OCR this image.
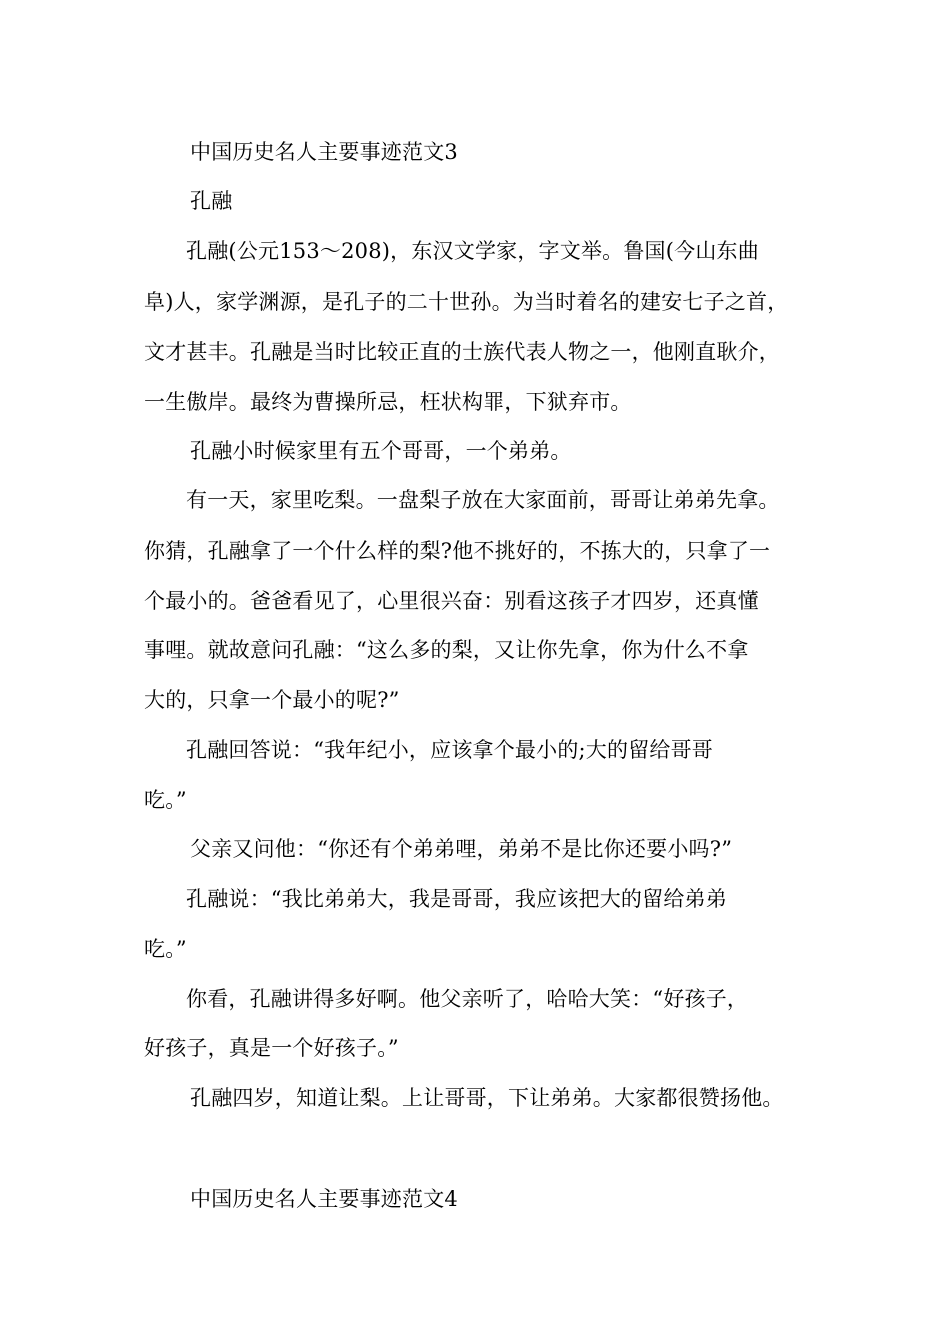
中国历史名人主要事迹范文3
孔融
孔融(公元153～208)，东汉文学家，字文举。鲁国(今山东曲
阜)人，家学渊源，是孔子的二十世孙。为当时着名的建安七子之首，
文才甚丰。孔融是当时比较正直的士族代表人物之一，他刚直耿介，
一生傲岸。最终为曹操所忌，枉状构罪，下狱弃市。
孔融小时候家里有五个哥哥，一个弟弟。
有一天，家里吃梨。一盘梨子放在大家面前，哥哥让弟弟先拿。
你猜，孔融拿了一个什么样的梨?他不挑好的，不拣大的，只拿了一
个最小的。爸爸看见了，心里很兴奋：别看这孩子才四岁，还真懂
事哩。就故意问孔融：“这么多的梨，又让你先拿，你为什么不拿
大的，只拿一个最小的呢?”
孔融回答说：“我年纪小，应该拿个最小的;大的留给哥哥
吃。”
父亲又问他：“你还有个弟弟哩，弟弟不是比你还要小吗?”
孔融说：“我比弟弟大，我是哥哥，我应该把大的留给弟弟
吃。”
你看，孔融讲得多好啊。他父亲听了，哈哈大笑：“好孩子，
好孩子，真是一个好孩子。”
孔融四岁，知道让梨。上让哥哥，下让弟弟。大家都很赞扬他。
中国历史名人主要事迹范文4
